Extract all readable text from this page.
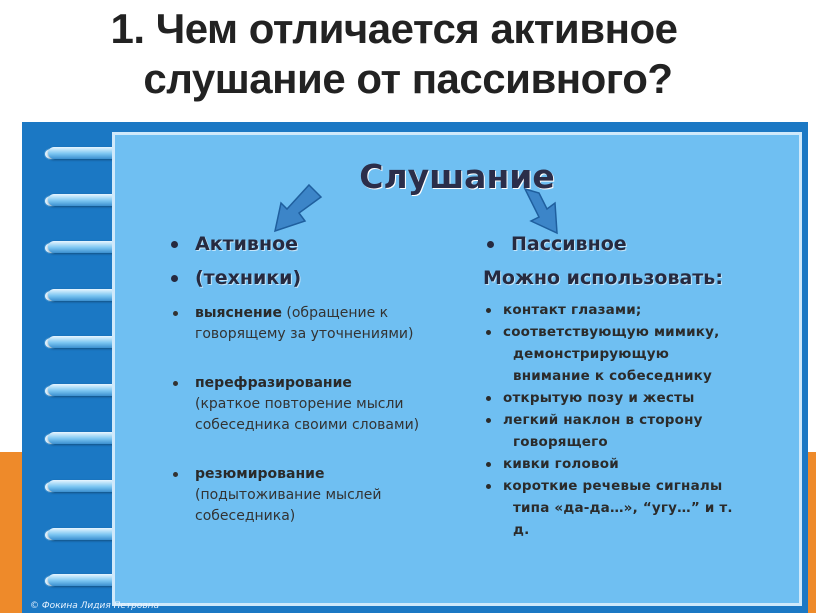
1. Чем отличается активное
слушание от пассивного?
Слушание
Активное
(техники)
выяснение (обращение к
говорящему за уточнениями)
перефразирование
(краткое повторение мысли собеседника своими словами)
резюмирование
(подытоживание мыслей собеседника)
Пассивное
Можно использовать:
контакт глазами;
соответствующую мимику,
демонстрирующую
внимание к собеседнику
открытую позу и жесты
легкий наклон в сторону
говорящего
кивки головой
короткие речевые сигналы
типа «да-да…», “угу…” и т.
д.
© Фокина Лидия Петровна
